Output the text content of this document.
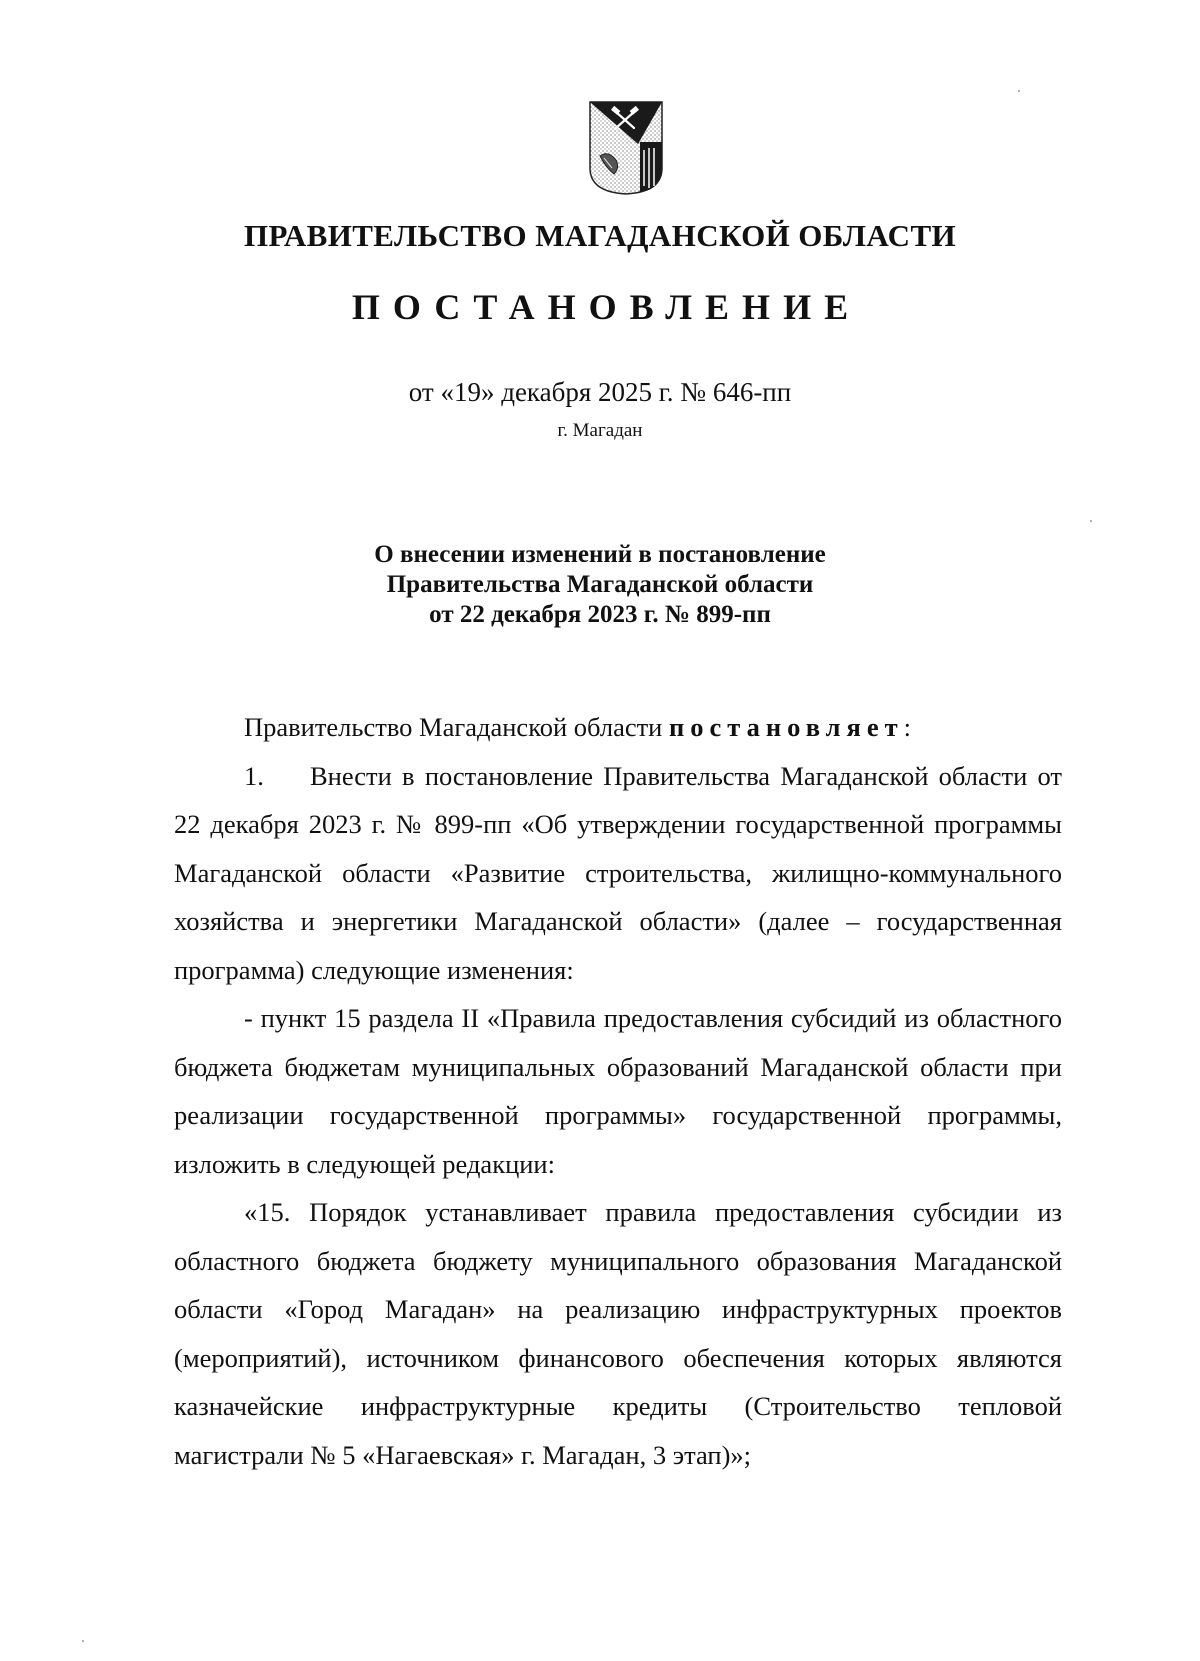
ПРАВИТЕЛЬСТВО МАГАДАНСКОЙ ОБЛАСТИ
ПОСТАНОВЛЕНИЕ
от «19» декабря 2025 г. № 646-пп
г. Магадан
О внесении изменений в постановление
Правительства Магаданской области
от 22 декабря 2023 г. № 899-пп

Правительство Магаданской области постановляет:

1. Внести в постановление Правительства Магаданской области от 22 декабря 2023 г. № 899-пп «Об утверждении государственной программы Магаданской области «Развитие строительства, жилищно-коммунального хозяйства и энергетики Магаданской области» (далее – государственная программа) следующие изменения:

- пункт 15 раздела II «Правила предоставления субсидий из областного бюджета бюджетам муниципальных образований Магаданской области при реализации государственной программы» государственной программы, изложить в следующей редакции:

«15. Порядок устанавливает правила предоставления субсидии из областного бюджета бюджету муниципального образования Магаданской области «Город Магадан» на реализацию инфраструктурных проектов (мероприятий), источником финансового обеспечения которых являются казначейские инфраструктурные кредиты (Строительство тепловой магистрали № 5 «Нагаевская» г. Магадан, 3 этап)»;
